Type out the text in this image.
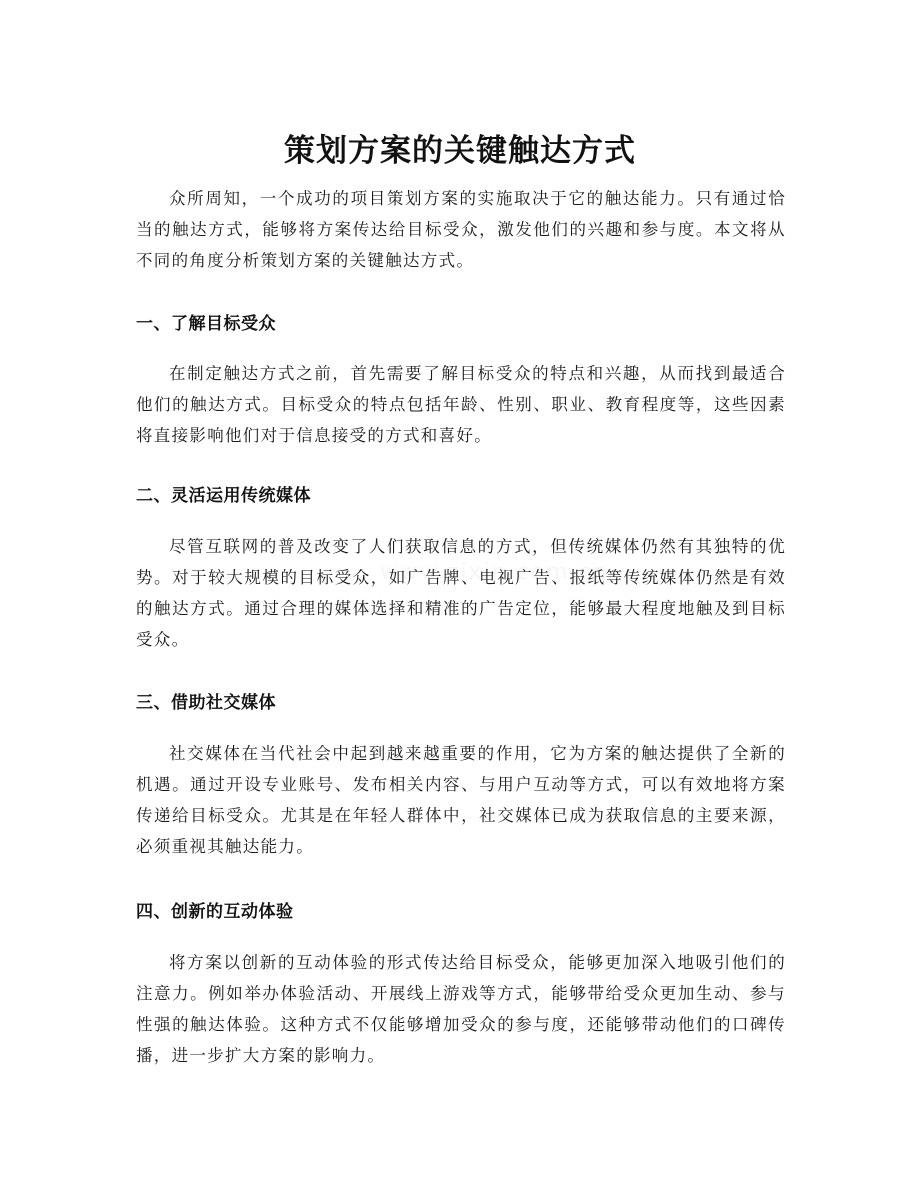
策划方案的关键触达方式

众所周知，一个成功的项目策划方案的实施取决于它的触达能力。只有通过恰当的触达方式，能够将方案传达给目标受众，激发他们的兴趣和参与度。本文将从不同的角度分析策划方案的关键触达方式。

一、了解目标受众

在制定触达方式之前，首先需要了解目标受众的特点和兴趣，从而找到最适合他们的触达方式。目标受众的特点包括年龄、性别、职业、教育程度等，这些因素将直接影响他们对于信息接受的方式和喜好。

二、灵活运用传统媒体

尽管互联网的普及改变了人们获取信息的方式，但传统媒体仍然有其独特的优势。对于较大规模的目标受众，如广告牌、电视广告、报纸等传统媒体仍然是有效的触达方式。通过合理的媒体选择和精准的广告定位，能够最大程度地触及到目标受众。

三、借助社交媒体

社交媒体在当代社会中起到越来越重要的作用，它为方案的触达提供了全新的机遇。通过开设专业账号、发布相关内容、与用户互动等方式，可以有效地将方案传递给目标受众。尤其是在年轻人群体中，社交媒体已成为获取信息的主要来源，必须重视其触达能力。

四、创新的互动体验

将方案以创新的互动体验的形式传达给目标受众，能够更加深入地吸引他们的注意力。例如举办体验活动、开展线上游戏等方式，能够带给受众更加生动、参与性强的触达体验。这种方式不仅能够增加受众的参与度，还能够带动他们的口碑传播，进一步扩大方案的影响力。
